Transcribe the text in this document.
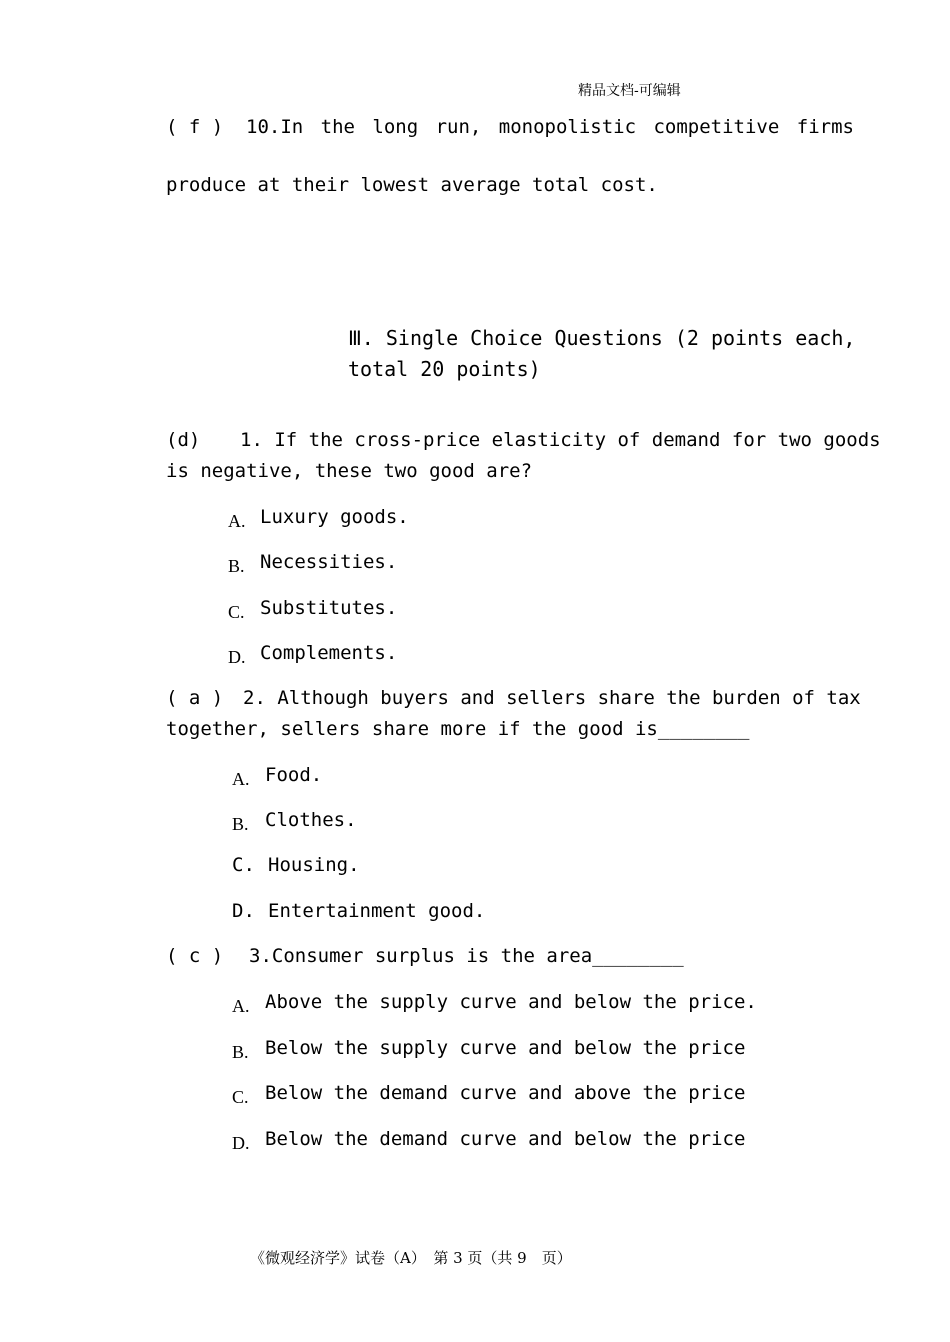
精品文档-可编辑
( f ) 10.In the long run, monopolistic competitive firms
produce at their lowest average total cost.
Ⅲ. Single Choice Questions (2 points each,
total 20 points)
(d) 1. If the cross-price elasticity of demand for two goods
is negative, these two good are?
A. Luxury goods.
B. Necessities.
C. Substitutes.
D. Complements.
( a ) 2. Although buyers and sellers share the burden of tax
together, sellers share more if the good is________
A. Food.
B. Clothes.
C. Housing.
D. Entertainment good.
( c ) 3.Consumer surplus is the area________
A. Above the supply curve and below the price.
B. Below the supply curve and below the price
C. Below the demand curve and above the price
D. Below the demand curve and below the price
《微观经济学》试卷（A）　第 3 页（共 9　页）
